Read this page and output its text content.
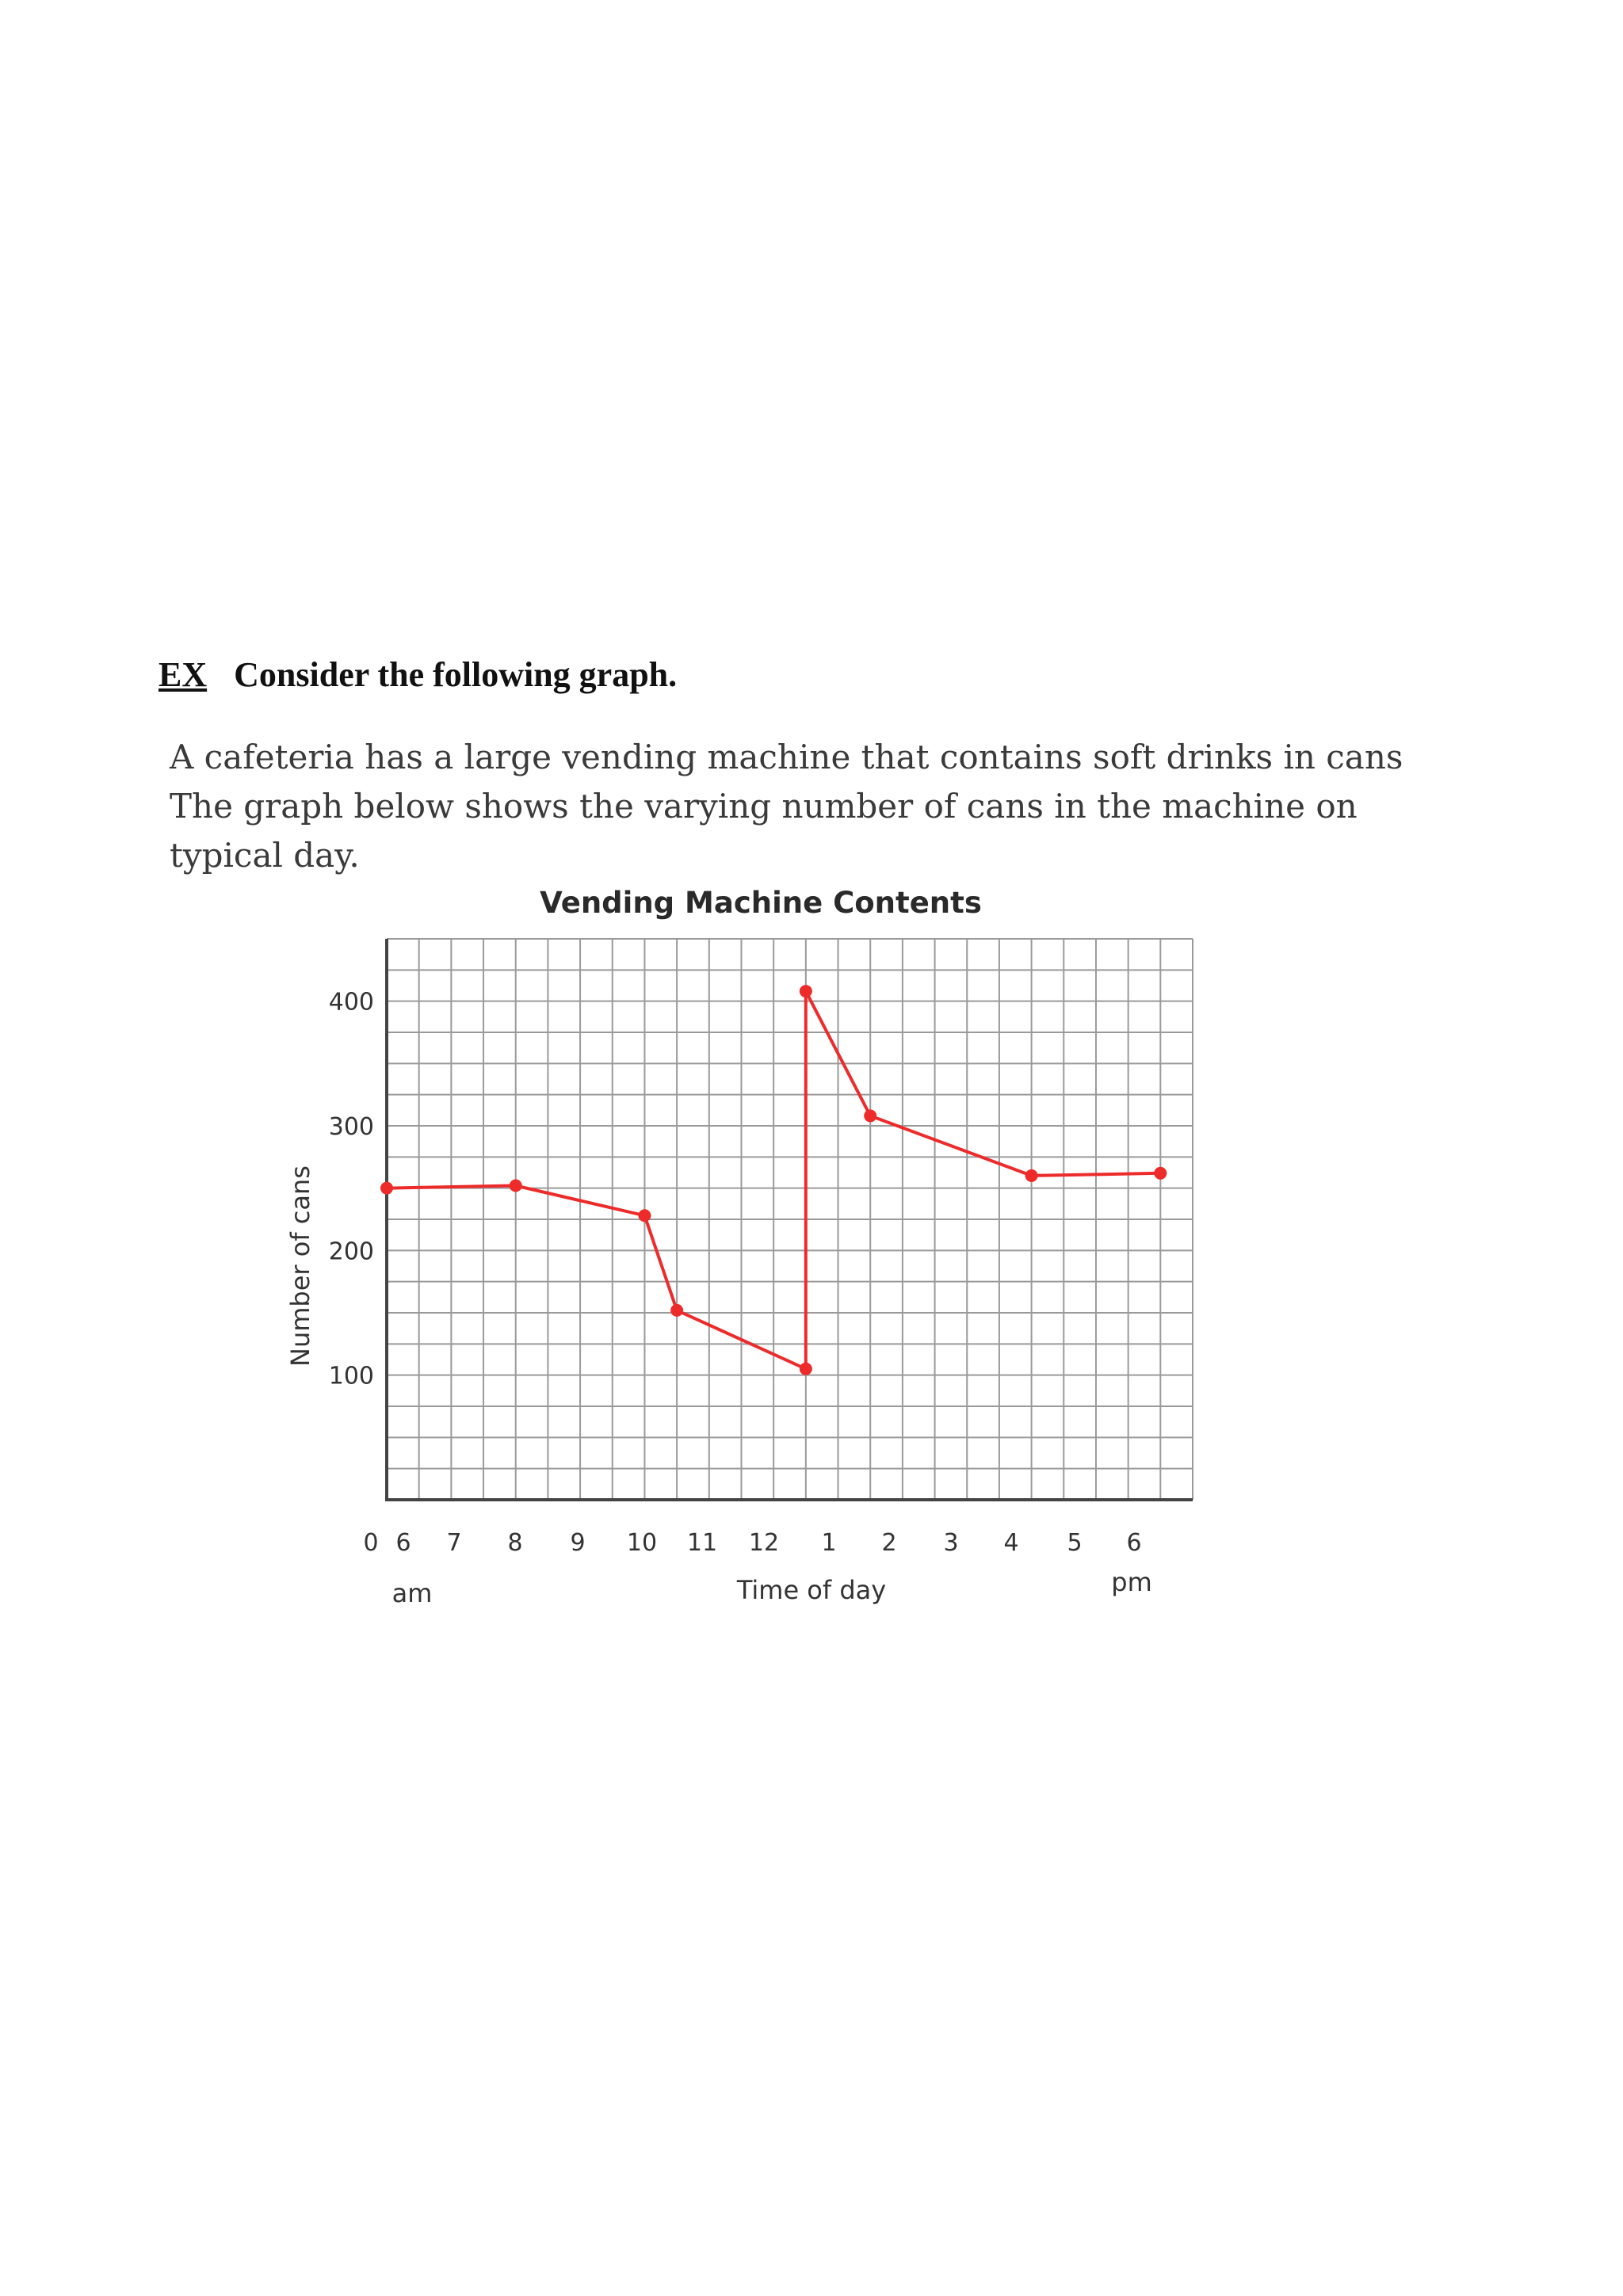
EX Consider the following graph.
A cafeteria has a large vending machine that contains soft drinks in cans
The graph below shows the varying number of cans in the machine on
typical day.
Vending Machine Contents
Time of day
Number of cans
am	pm
100
200
300
400
0 6 7 8 9 10 11 12 1 2 3 4 5 6
